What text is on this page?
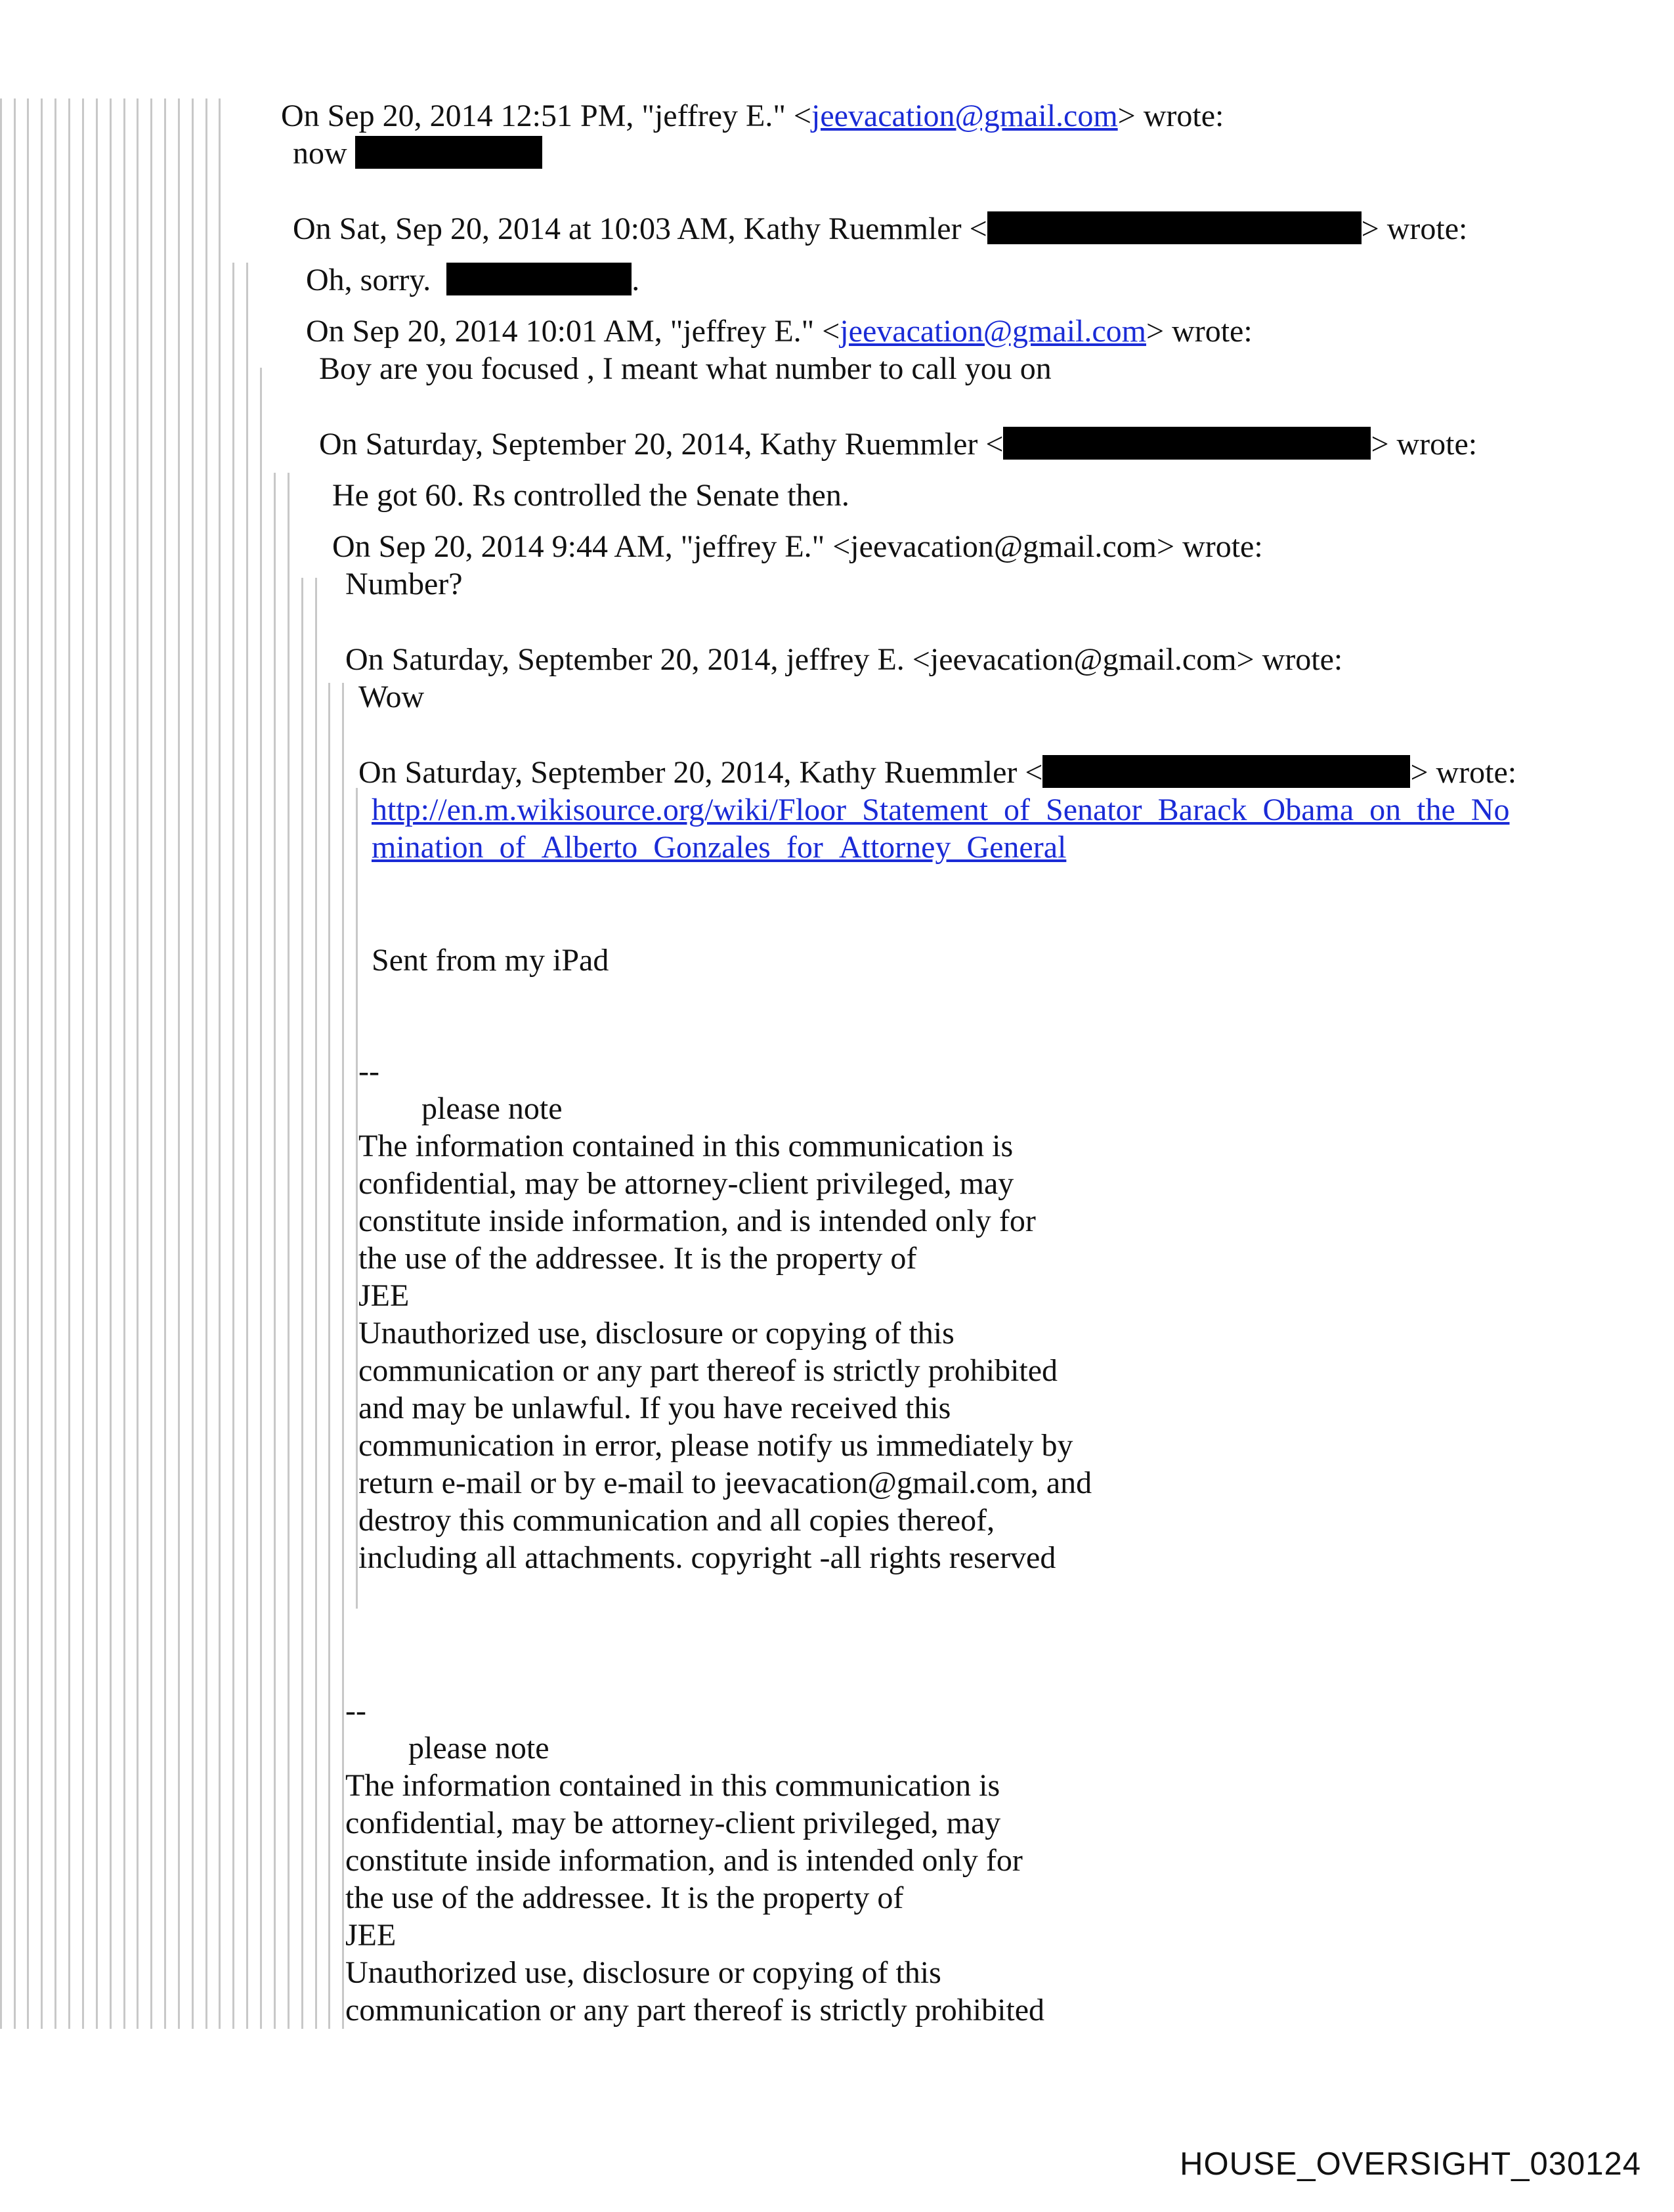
On Sep 20, 2014 12:51 PM, "jeffrey E." <jeevacation@gmail.com> wrote:
now
On Sat, Sep 20, 2014 at 10:03 AM, Kathy Ruemmler <	> wrote:
Oh, sorry.	.
On Sep 20, 2014 10:01 AM, "jeffrey E." <jeevacation@gmail.com> wrote:
Boy are you focused , I meant what number to call you on
On Saturday, September 20, 2014, Kathy Ruemmler <	> wrote:
He got 60. Rs controlled the Senate then.
On Sep 20, 2014 9:44 AM, "jeffrey E." <jeevacation@gmail.com> wrote:
Number?
On Saturday, September 20, 2014, jeffrey E. <jeevacation@gmail.com> wrote:
Wow
On Saturday, September 20, 2014, Kathy Ruemmler <	> wrote:
http://en.m.wikisource.org/wiki/Floor_Statement_of_Senator_Barack_Obama_on_the_No
mination_of_Alberto_Gonzales_for_Attorney_General
Sent from my iPad
--
please note
The information contained in this communication is
confidential, may be attorney-client privileged, may
constitute inside information, and is intended only for
the use of the addressee. It is the property of
JEE
Unauthorized use, disclosure or copying of this
communication or any part thereof is strictly prohibited
and may be unlawful. If you have received this
communication in error, please notify us immediately by
return e-mail or by e-mail to jeevacation@gmail.com, and
destroy this communication and all copies thereof,
including all attachments. copyright -all rights reserved
--
please note
The information contained in this communication is
confidential, may be attorney-client privileged, may
constitute inside information, and is intended only for
the use of the addressee. It is the property of
JEE
Unauthorized use, disclosure or copying of this
communication or any part thereof is strictly prohibited
HOUSE_OVERSIGHT_030124
